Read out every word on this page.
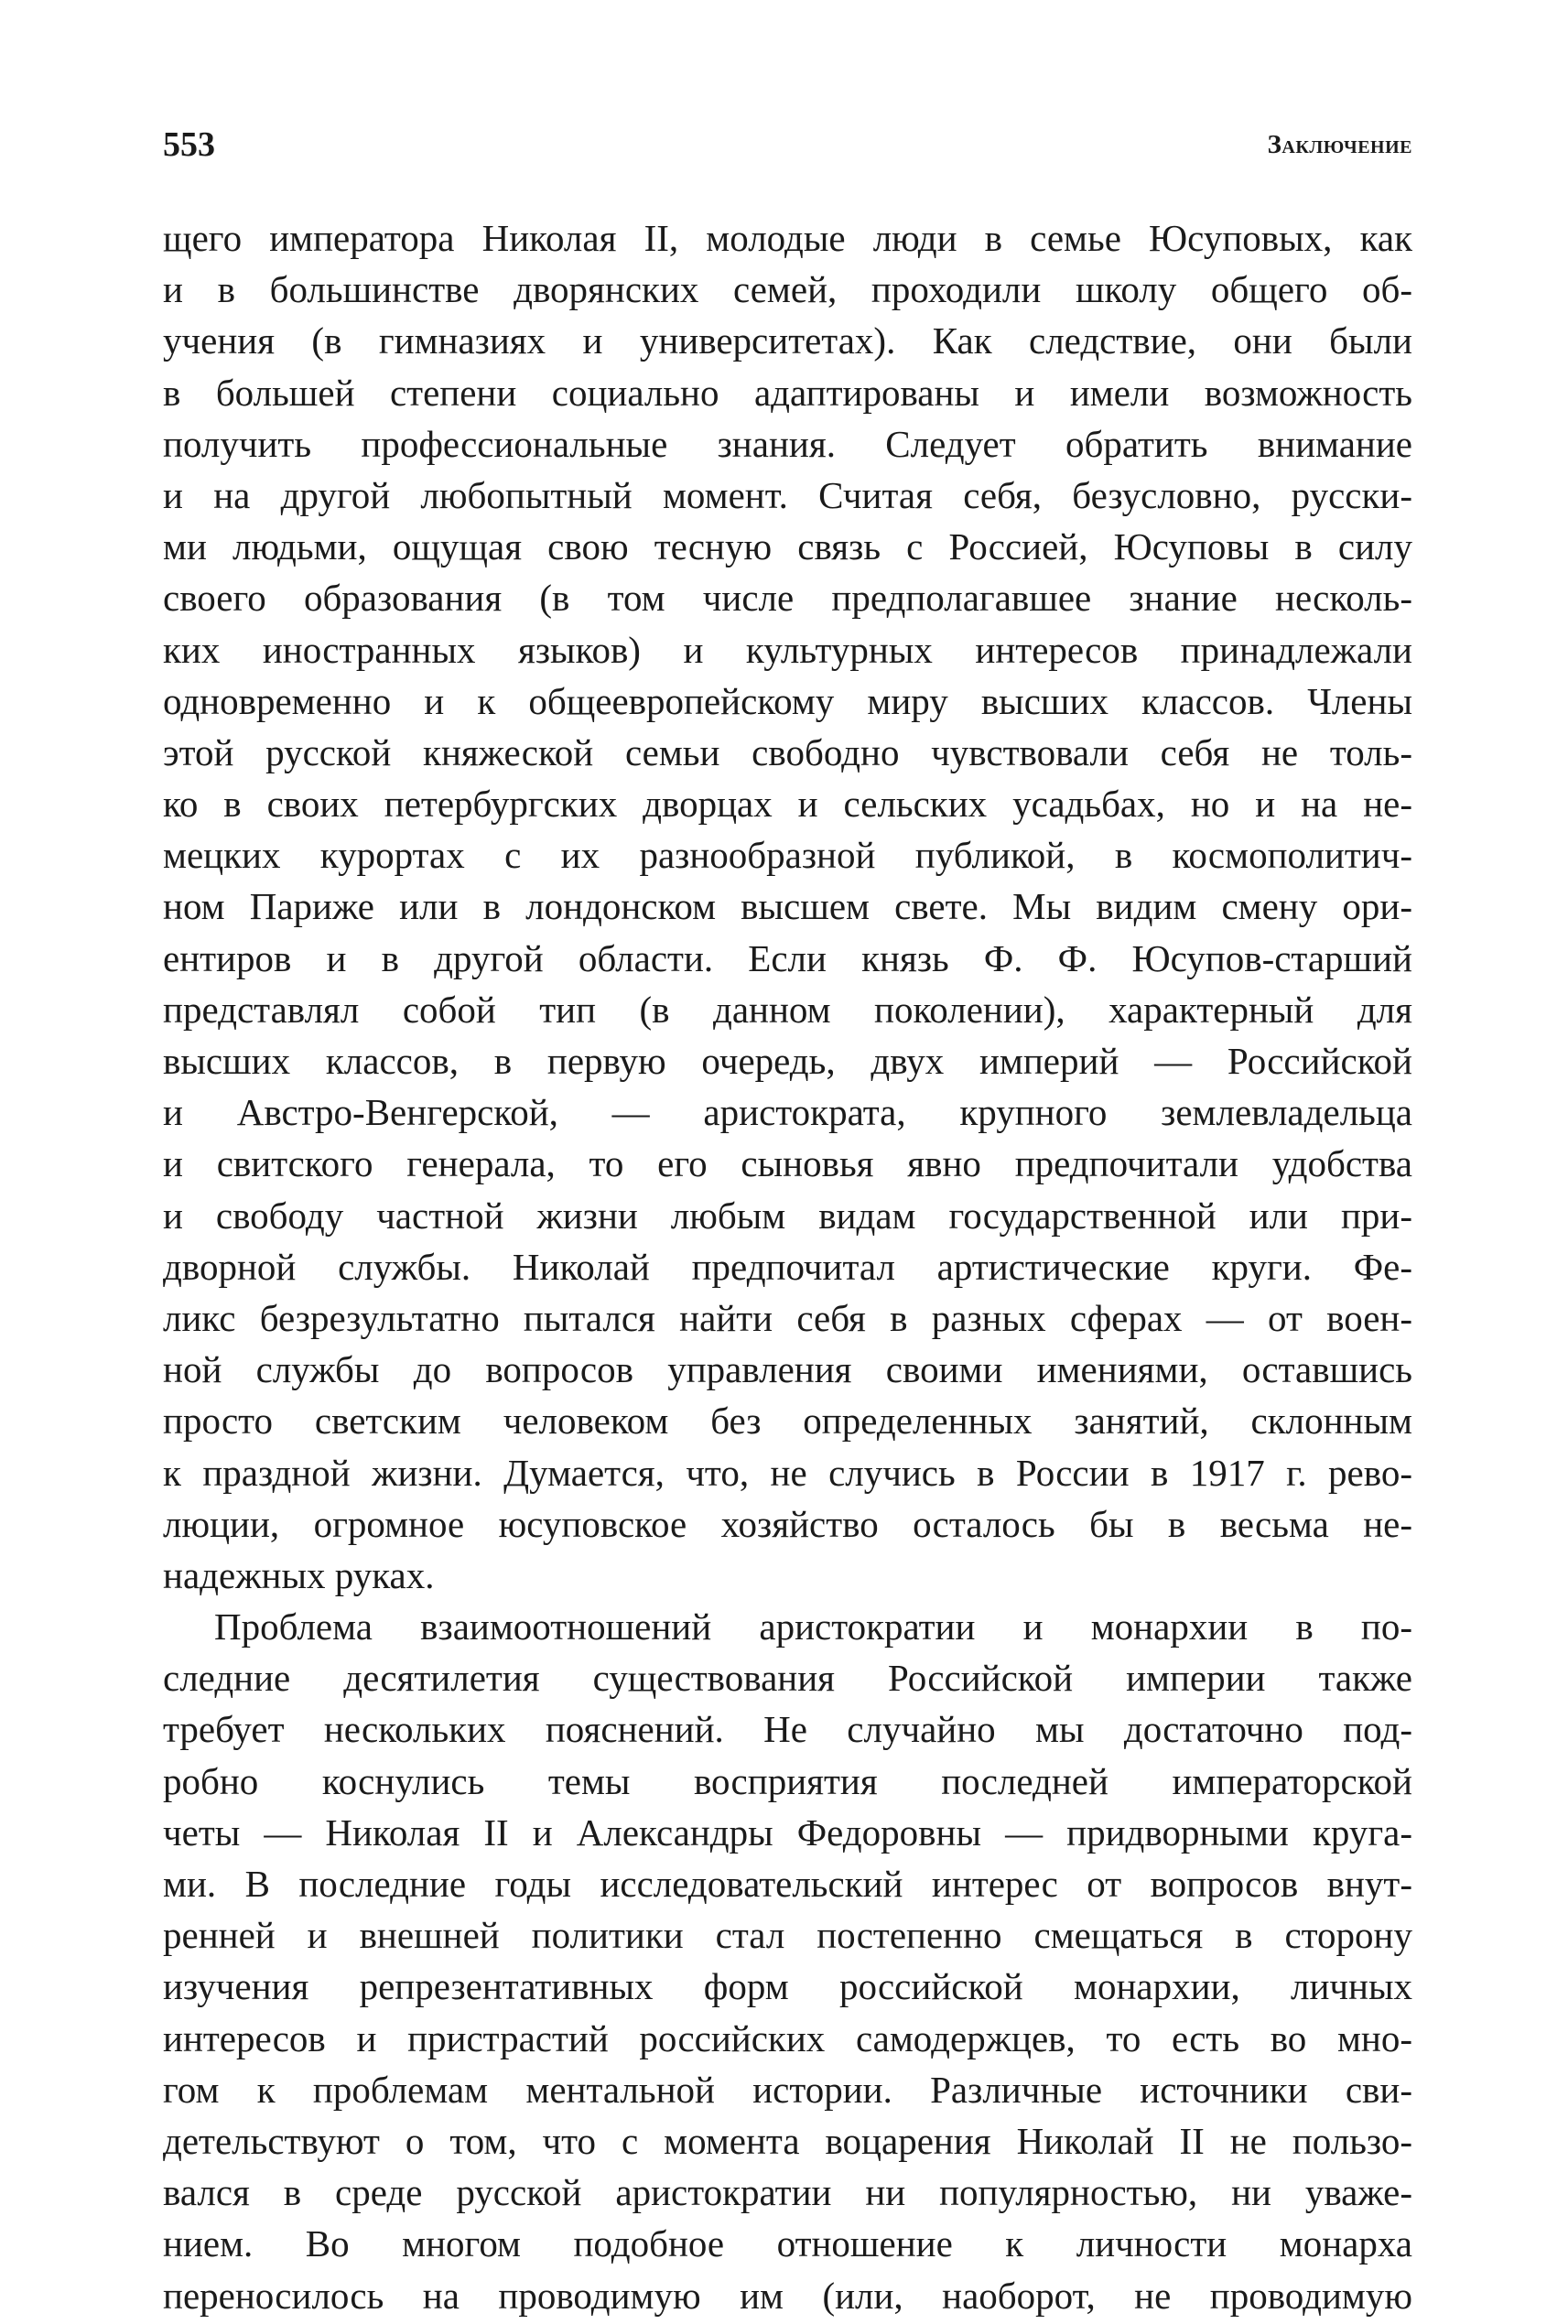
553	Заключение
щего императора Николая II, молодые люди в семье Юсуповых, как
и в большинстве дворянских семей, проходили школу общего об-
учения (в гимназиях и университетах). Как следствие, они были
в большей степени социально адаптированы и имели возможность
получить профессиональные знания. Следует обратить внимание
и на другой любопытный момент. Считая себя, безусловно, русски-
ми людьми, ощущая свою тесную связь с Россией, Юсуповы в силу
своего образования (в том числе предполагавшее знание несколь-
ких иностранных языков) и культурных интересов принадлежали
одновременно и к общеевропейскому миру высших классов. Члены
этой русской княжеской семьи свободно чувствовали себя не толь-
ко в своих петербургских дворцах и сельских усадьбах, но и на не-
мецких курортах с их разнообразной публикой, в космополитич-
ном Париже или в лондонском высшем свете. Мы видим смену ори-
ентиров и в другой области. Если князь Ф. Ф. Юсупов-старший
представлял собой тип (в данном поколении), характерный для
высших классов, в первую очередь, двух империй — Российской
и Австро-Венгерской, — аристократа, крупного землевладельца
и свитского генерала, то его сыновья явно предпочитали удобства
и свободу частной жизни любым видам государственной или при-
дворной службы. Николай предпочитал артистические круги. Фе-
ликс безрезультатно пытался найти себя в разных сферах — от воен-
ной службы до вопросов управления своими имениями, оставшись
просто светским человеком без определенных занятий, склонным
к праздной жизни. Думается, что, не случись в России в 1917 г. рево-
люции, огромное юсуповское хозяйство осталось бы в весьма не-
надежных руках.
Проблема взаимоотношений аристократии и монархии в по-
следние десятилетия существования Российской империи также
требует нескольких пояснений. Не случайно мы достаточно под-
робно коснулись темы восприятия последней императорской
четы — Николая II и Александры Федоровны — придворными круга-
ми. В последние годы исследовательский интерес от вопросов внут-
ренней и внешней политики стал постепенно смещаться в сторону
изучения репрезентативных форм российской монархии, личных
интересов и пристрастий российских самодержцев, то есть во мно-
гом к проблемам ментальной истории. Различные источники сви-
детельствуют о том, что с момента воцарения Николай II не пользо-
вался в среде русской аристократии ни популярностью, ни уваже-
нием. Во многом подобное отношение к личности монарха
переносилось на проводимую им (или, наоборот, не проводимую
